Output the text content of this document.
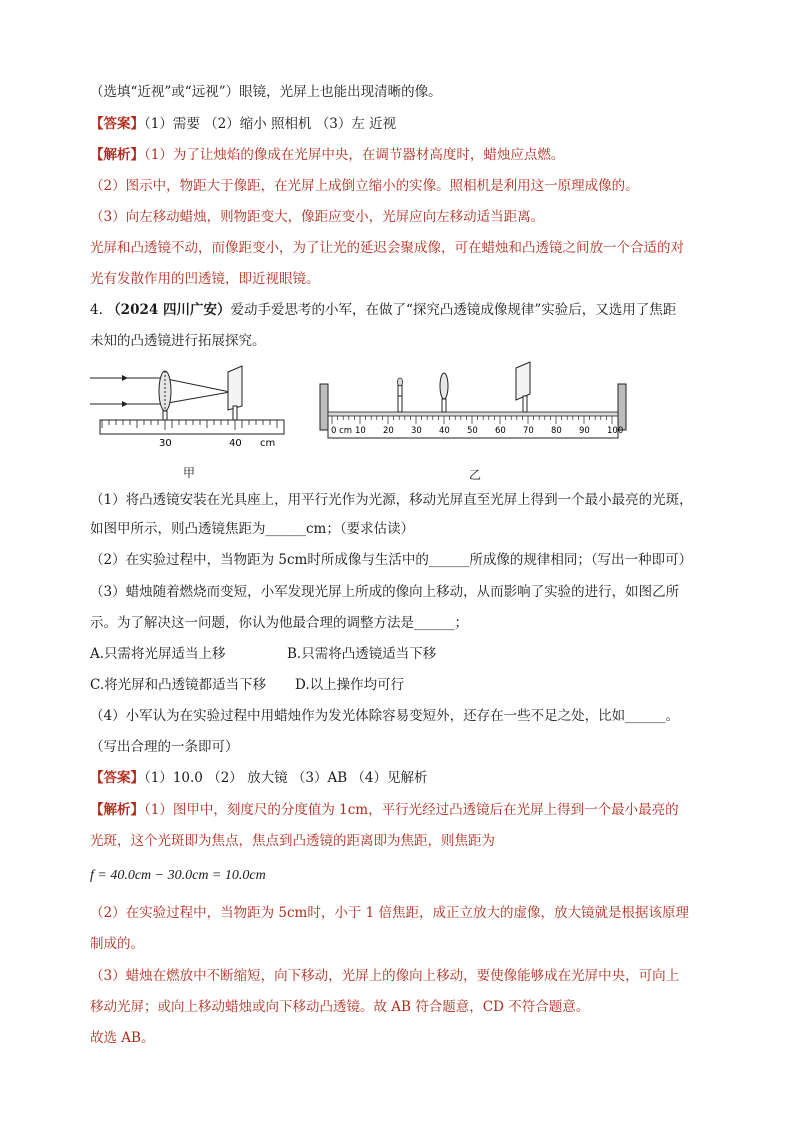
（选填“近视”或“远视”）眼镜，光屏上也能出现清晰的像。
【答案】（1）需要 （2）缩小 照相机 （3）左 近视
【解析】（1）为了让烛焰的像成在光屏中央，在调节器材高度时，蜡烛应点燃。
（2）图示中，物距大于像距，在光屏上成倒立缩小的实像。照相机是利用这一原理成像的。
（3）向左移动蜡烛，则物距变大，像距应变小，光屏应向左移动适当距离。
光屏和凸透镜不动，而像距变小，为了让光的延迟会聚成像，可在蜡烛和凸透镜之间放一个合适的对
光有发散作用的凹透镜，即近视眼镜。
4. （2024 四川广安）爱动手爱思考的小军，在做了“探究凸透镜成像规律”实验后，又选用了焦距
未知的凸透镜进行拓展探究。
30	40 cm
甲
0 cm 10 20 30 40 50 60 70 80 90 100
乙
（1）将凸透镜安装在光具座上，用平行光作为光源，移动光屏直至光屏上得到一个最小最亮的光斑，
如图甲所示，则凸透镜焦距为______cm；（要求估读）
（2）在实验过程中，当物距为 5cm时所成像与生活中的______所成像的规律相同；（写出一种即可）
（3）蜡烛随着燃烧而变短，小军发现光屏上所成的像向上移动，从而影响了实验的进行，如图乙所
示。为了解决这一问题，你认为他最合理的调整方法是______；
A.只需将光屏适当上移	B.只需将凸透镜适当下移
C.将光屏和凸透镜都适当下移 D.以上操作均可行
（4）小军认为在实验过程中用蜡烛作为发光体除容易变短外，还存在一些不足之处，比如______。
（写出合理的一条即可）
【答案】（1）10.0 （2） 放大镜 （3）AB （4）见解析
【解析】（1）图甲中，刻度尺的分度值为 1cm，平行光经过凸透镜后在光屏上得到一个最小最亮的
光斑，这个光斑即为焦点，焦点到凸透镜的距离即为焦距，则焦距为
f = 40.0cm − 30.0cm = 10.0cm
（2）在实验过程中，当物距为 5cm时，小于 1 倍焦距，成正立放大的虚像，放大镜就是根据该原理
制成的。
（3）蜡烛在燃放中不断缩短，向下移动，光屏上的像向上移动，要使像能够成在光屏中央，可向上
移动光屏；或向上移动蜡烛或向下移动凸透镜。故 AB 符合题意，CD 不符合题意。
故选 AB。
